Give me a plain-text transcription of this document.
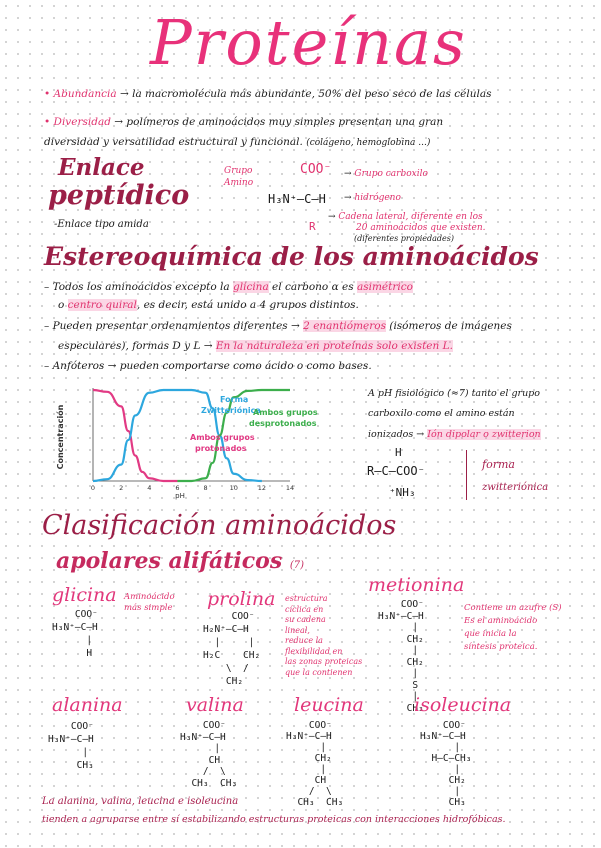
Proteínas
• Abundancia → la macromolécula más abundante, 50% del peso seco de las células
• Diversidad → polímeros de aminoácidos muy simples presentan una gran
diversidad y versatilidad estructural y funcional. (colágeno, hemoglobina ...)
Enlace
peptídico
-Enlace tipo amida
Grupo
Amino
COO⁻
H₃N⁺–C–H
R
→ Grupo carboxilo
→ hidrógeno
→ Cadena lateral, diferente en los
20 aminoácidos que existen.
(diferentes propiedades)
Estereoquímica de los aminoácidos
– Todos los aminoácidos excepto la glicina el carbono α es asimétrico
o centro quiral, es decir, está unido a 4 grupos distintos.
– Pueden presentar ordenamientos diferentes → 2 enantiómeros (isómeros de imágenes
especulares), formas D y L → En la naturaleza en proteínas solo existen L.
– Anfóteros → pueden comportarse como ácido o como bases.
Concentración
0	2	4	6	8	10	12	14
pH
Forma
Zwitteriónica
Ambos grupos
protonados
Ambos grupos
desprotonados
A pH fisiológico (≈7) tanto el grupo
carboxilo como el amino están
ionizados → Ión dipolar o zwitterion
H
R–C–COO⁻
⁺NH₃
forma
zwitteriónica
Clasificación aminoácidos
apolares alifáticos (7)
glicina Aminoácido
más simple
COO⁻
H₃N⁺–C–H
|
H
prolina estructura
cíclica en
su cadena
lineal,
reduce la
flexibilidad en
las zonas proteicas
que la contienen
COO⁻
H₂N⁺–C–H
|     |
H₂C    CH₂
\  /
CH₂
metionina
Contiene un azufre (S)
Es el aminoácido
que inicia la
síntesis proteica.
COO⁻
H₃N⁺–C–H
|
CH₂
|
CH₂
|
S
|
CH₃
alanina
COO⁻
H₃N⁺–C–H
|
CH₃
valina
COO⁻
H₃N⁺–C–H
|
CH
/  \
CH₃  CH₃
leucina
COO⁻
H₃N⁺–C–H
|
CH₂
|
CH
/  \
CH₃  CH₃
isoleucina
COO⁻
H₃N⁺–C–H
|
H–C–CH₃
|
CH₂
|
CH₃
La alanina, valina, leucina e isoleucina
tienden a agruparse entre sí estabilizando estructuras proteicas con interacciones hidrofóbicas.
